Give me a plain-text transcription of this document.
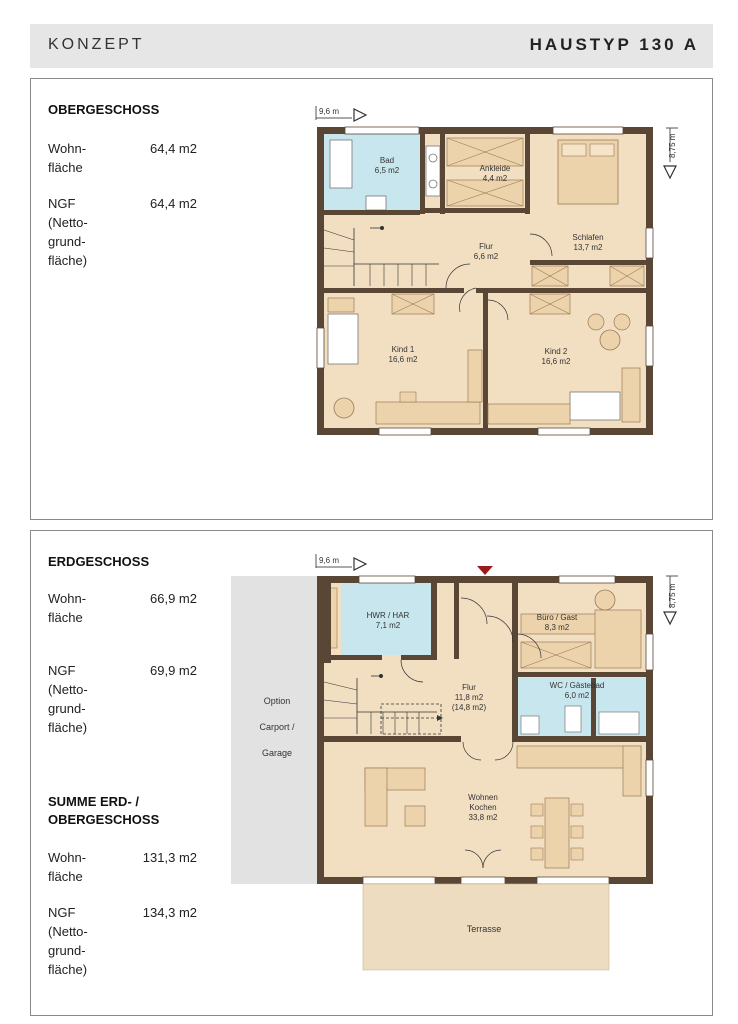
KONZEPT	HAUSTYP 130 A
OBERGESCHOSS
Wohn-
fläche
64,4 m2
NGF
(Netto-
grund-
fläche)
64,4 m2
ERDGESCHOSS
Wohn-
fläche
66,9 m2
NGF
(Netto-
grund-
fläche)
69,9 m2
SUMME ERD- /
OBERGESCHOSS
Wohn-
fläche
131,3 m2
NGF
(Netto-
grund-
fläche)
134,3 m2
9,6 m
8,75 m
Bad
6,5 m2	Ankleide
4,4 m2
Schlafen
13,7 m2
Flur
6,6 m2
Kind 1
16,6 m2
Kind 2
16,6 m2
Option
Carport /
Garage
9,6 m
8,75 m
Terrasse
HWR / HAR
7,1 m2
Büro / Gast
8,3 m2
Flur
11,8 m2
(14,8 m2)
WC / Gästebad
6,0 m2
Wohnen
Kochen
33,8 m2
